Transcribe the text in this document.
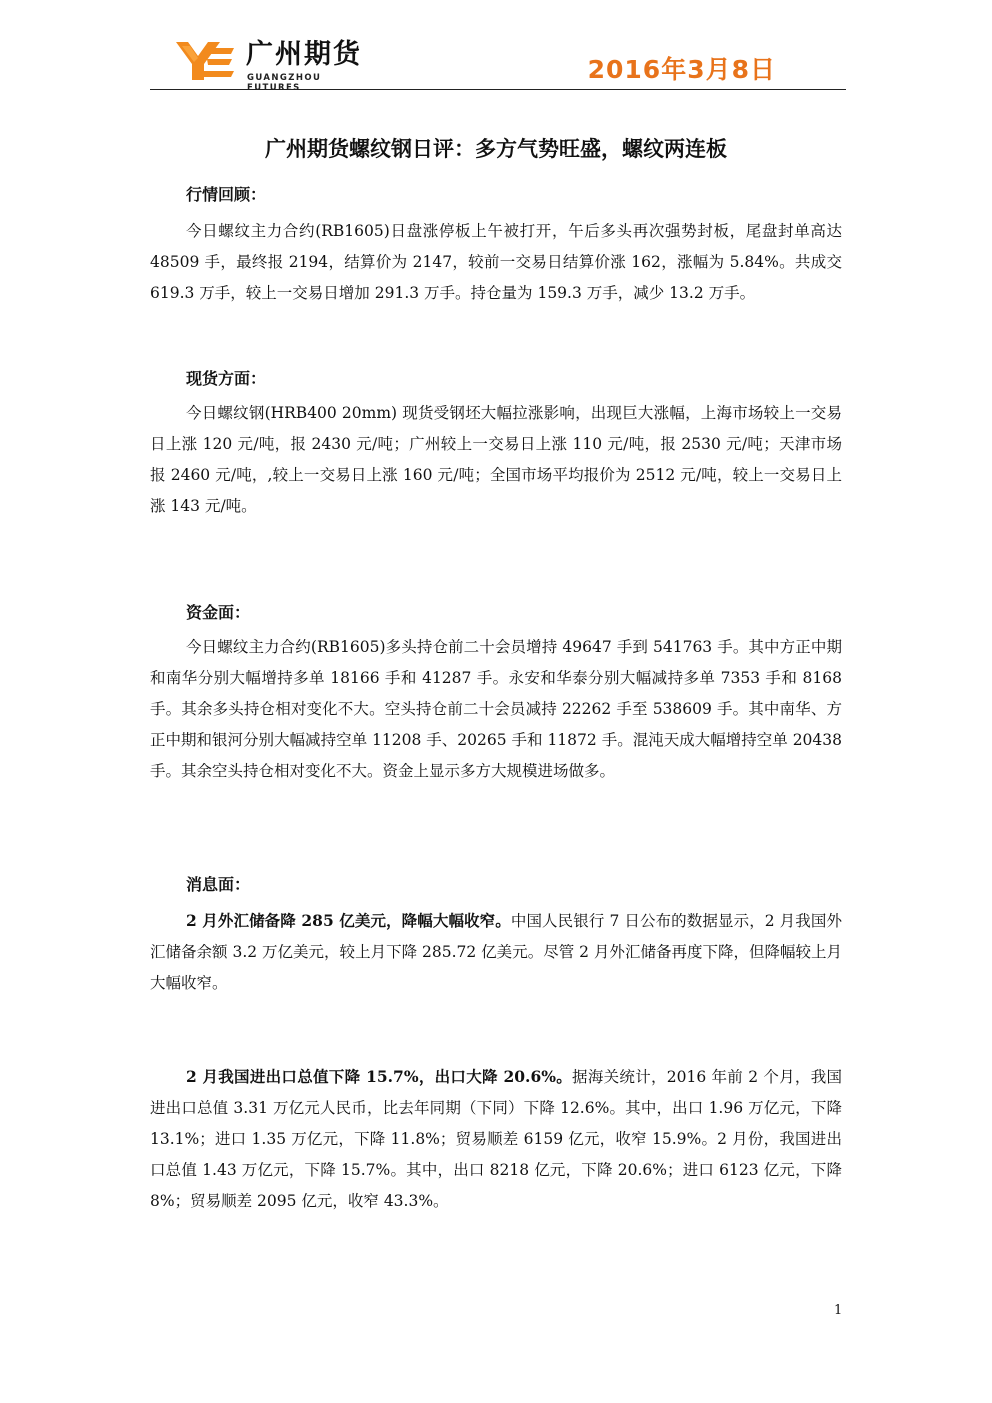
广州期货
GUANGZHOU FUTURES
2016年3月8日
广州期货螺纹钢日评：多方气势旺盛，螺纹两连板
行情回顾：
今日螺纹主力合约(RB1605)日盘涨停板上午被打开，午后多头再次强势封板，尾盘封单高达 48509 手，最终报 2194，结算价为 2147，较前一交易日结算价涨 162，涨幅为 5.84%。共成交 619.3 万手，较上一交易日增加 291.3 万手。持仓量为 159.3 万手，减少 13.2 万手。
现货方面：
今日螺纹钢(HRB400 20mm) 现货受钢坯大幅拉涨影响，出现巨大涨幅，上海市场较上一交易日上涨 120 元/吨，报 2430 元/吨；广州较上一交易日上涨 110 元/吨，报 2530 元/吨；天津市场报 2460 元/吨，,较上一交易日上涨 160 元/吨；全国市场平均报价为 2512 元/吨，较上一交易日上涨 143 元/吨。
资金面：
今日螺纹主力合约(RB1605)多头持仓前二十会员增持 49647 手到 541763 手。其中方正中期和南华分别大幅增持多单 18166 手和 41287 手。永安和华泰分别大幅减持多单 7353 手和 8168 手。其余多头持仓相对变化不大。空头持仓前二十会员减持 22262 手至 538609 手。其中南华、方正中期和银河分别大幅减持空单 11208 手、20265 手和 11872 手。混沌天成大幅增持空单 20438 手。其余空头持仓相对变化不大。资金上显示多方大规模进场做多。
消息面：
2 月外汇储备降 285 亿美元，降幅大幅收窄。中国人民银行 7 日公布的数据显示，2 月我国外汇储备余额 3.2 万亿美元，较上月下降 285.72 亿美元。尽管 2 月外汇储备再度下降，但降幅较上月大幅收窄。
2 月我国进出口总值下降 15.7%，出口大降 20.6%。据海关统计，2016 年前 2 个月，我国进出口总值 3.31 万亿元人民币，比去年同期（下同）下降 12.6%。其中，出口 1.96 万亿元，下降 13.1%；进口 1.35 万亿元，下降 11.8%；贸易顺差 6159 亿元，收窄 15.9%。2 月份，我国进出口总值 1.43 万亿元，下降 15.7%。其中，出口 8218 亿元，下降 20.6%；进口 6123 亿元，下降 8%；贸易顺差 2095 亿元，收窄 43.3%。
1
